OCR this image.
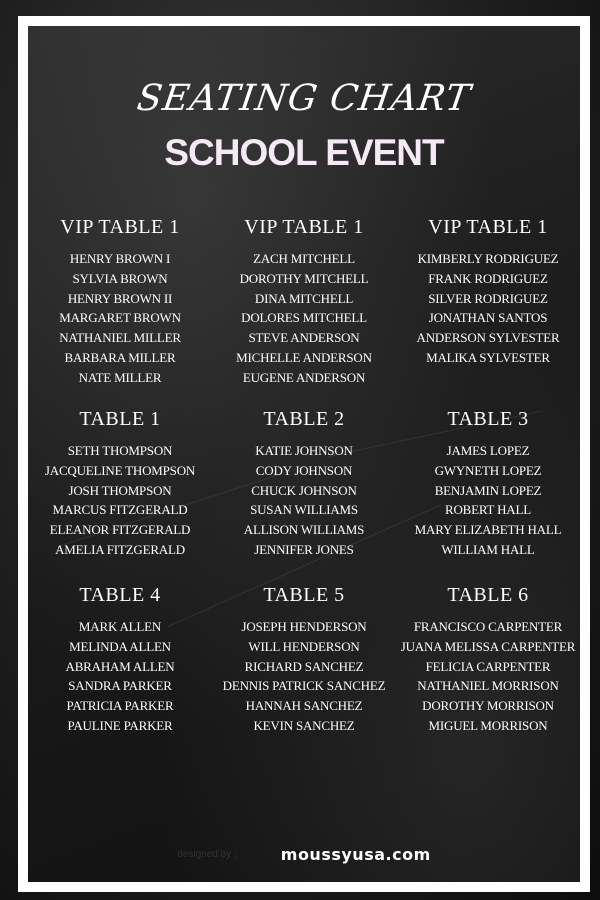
SEATING CHART
SCHOOL EVENT
VIP TABLE 1
HENRY BROWN I
SYLVIA BROWN
HENRY BROWN II
MARGARET BROWN
NATHANIEL MILLER
BARBARA MILLER
NATE MILLER
VIP TABLE 1
ZACH MITCHELL
DOROTHY MITCHELL
DINA MITCHELL
DOLORES MITCHELL
STEVE ANDERSON
MICHELLE ANDERSON
EUGENE ANDERSON
VIP TABLE 1
KIMBERLY RODRIGUEZ
FRANK RODRIGUEZ
SILVER RODRIGUEZ
JONATHAN SANTOS
ANDERSON SYLVESTER
MALIKA SYLVESTER
TABLE 1
SETH THOMPSON
JACQUELINE THOMPSON
JOSH THOMPSON
MARCUS FITZGERALD
ELEANOR FITZGERALD
AMELIA FITZGERALD
TABLE 2
KATIE JOHNSON
CODY JOHNSON
CHUCK JOHNSON
SUSAN WILLIAMS
ALLISON WILLIAMS
JENNIFER JONES
TABLE 3
JAMES LOPEZ
GWYNETH LOPEZ
BENJAMIN LOPEZ
ROBERT HALL
MARY ELIZABETH HALL
WILLIAM HALL
TABLE 4
MARK ALLEN
MELINDA ALLEN
ABRAHAM ALLEN
SANDRA PARKER
PATRICIA PARKER
PAULINE PARKER
TABLE 5
JOSEPH HENDERSON
WILL HENDERSON
RICHARD SANCHEZ
DENNIS PATRICK SANCHEZ
HANNAH SANCHEZ
KEVIN SANCHEZ
TABLE 6
FRANCISCO CARPENTER
JUANA MELISSA CARPENTER
FELICIA CARPENTER
NATHANIEL MORRISON
DOROTHY MORRISON
MIGUEL MORRISON
designed by :	moussyusa.com
